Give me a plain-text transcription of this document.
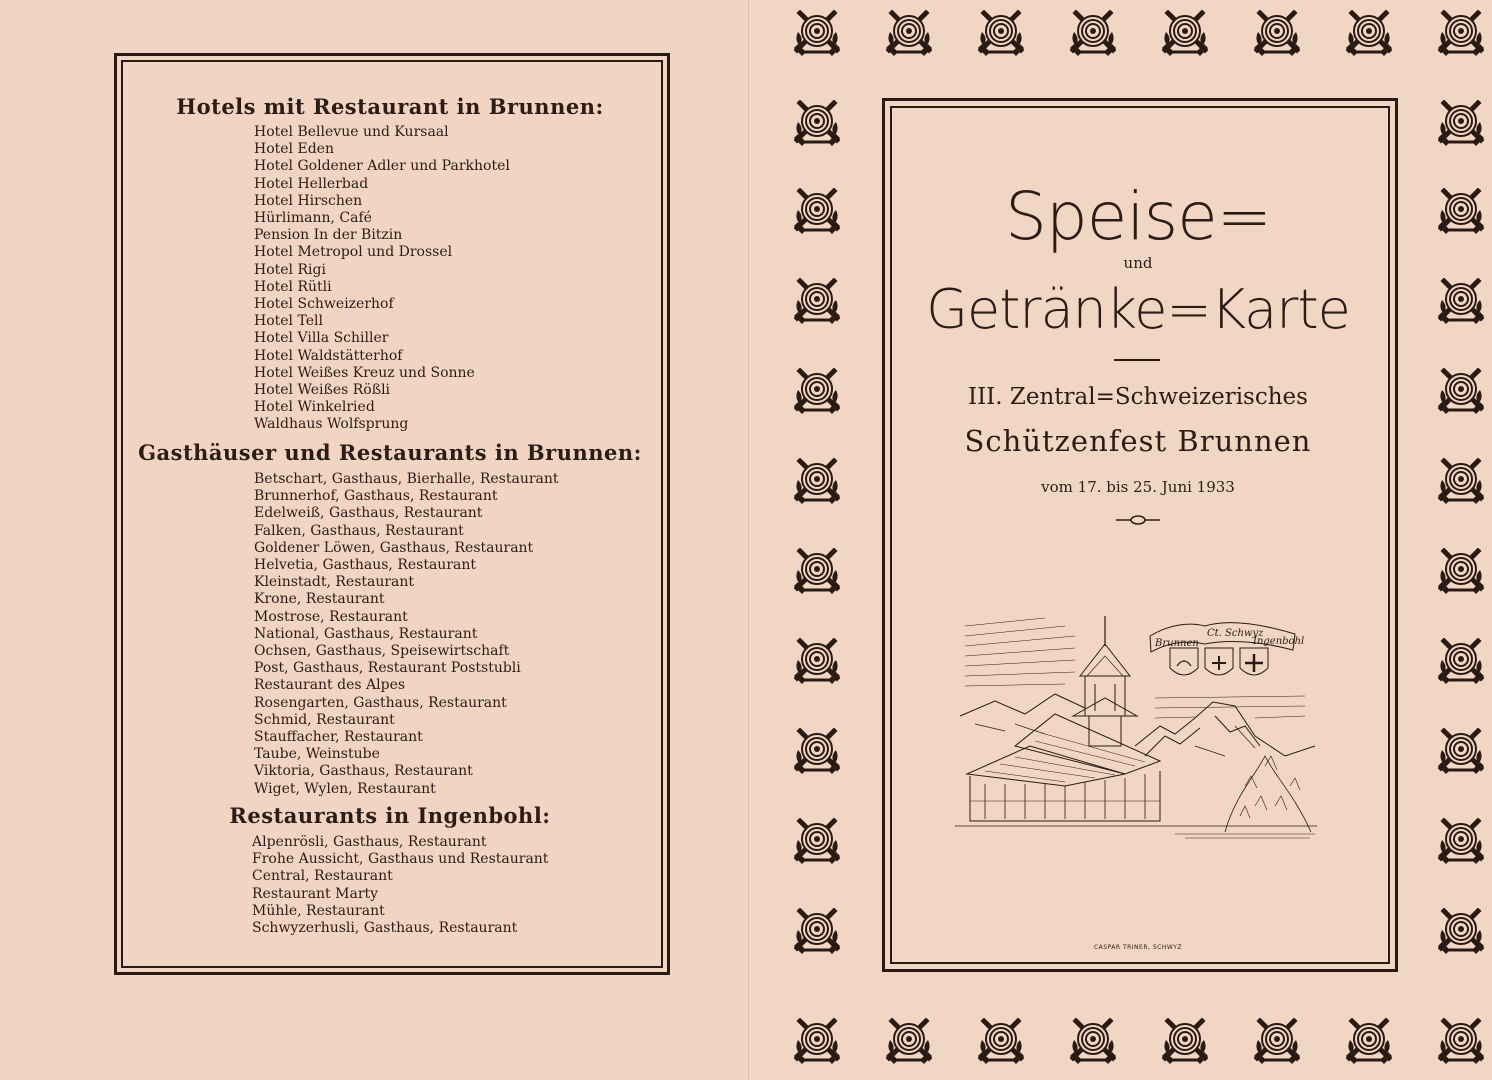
Hotels mit Restaurant in Brunnen:
Hotel Bellevue und Kursaal
Hotel Eden
Hotel Goldener Adler und Parkhotel
Hotel Hellerbad
Hotel Hirschen
Hürlimann, Café
Pension In der Bitzin
Hotel Metropol und Drossel
Hotel Rigi
Hotel Rütli
Hotel Schweizerhof
Hotel Tell
Hotel Villa Schiller
Hotel Waldstätterhof
Hotel Weißes Kreuz und Sonne
Hotel Weißes Rößli
Hotel Winkelried
Waldhaus Wolfsprung
Gasthäuser und Restaurants in Brunnen:
Betschart, Gasthaus, Bierhalle, Restaurant
Brunnerhof, Gasthaus, Restaurant
Edelweiß, Gasthaus, Restaurant
Falken, Gasthaus, Restaurant
Goldener Löwen, Gasthaus, Restaurant
Helvetia, Gasthaus, Restaurant
Kleinstadt, Restaurant
Krone, Restaurant
Mostrose, Restaurant
National, Gasthaus, Restaurant
Ochsen, Gasthaus, Speisewirtschaft
Post, Gasthaus, Restaurant Poststubli
Restaurant des Alpes
Rosengarten, Gasthaus, Restaurant
Schmid, Restaurant
Stauffacher, Restaurant
Taube, Weinstube
Viktoria, Gasthaus, Restaurant
Wiget, Wylen, Restaurant
Restaurants in Ingenbohl:
Alpenrösli, Gasthaus, Restaurant
Frohe Aussicht, Gasthaus und Restaurant
Central, Restaurant
Restaurant Marty
Mühle, Restaurant
Schwyzerhusli, Gasthaus, Restaurant
Speise=
und
Getränke=Karte
III. Zentral=Schweizerisches
Schützenfest Brunnen
vom 17. bis 25. Juni 1933
Brunnen
Ct. Schwyz
Ingenbohl
CASPAR TRINER, SCHWYZ
